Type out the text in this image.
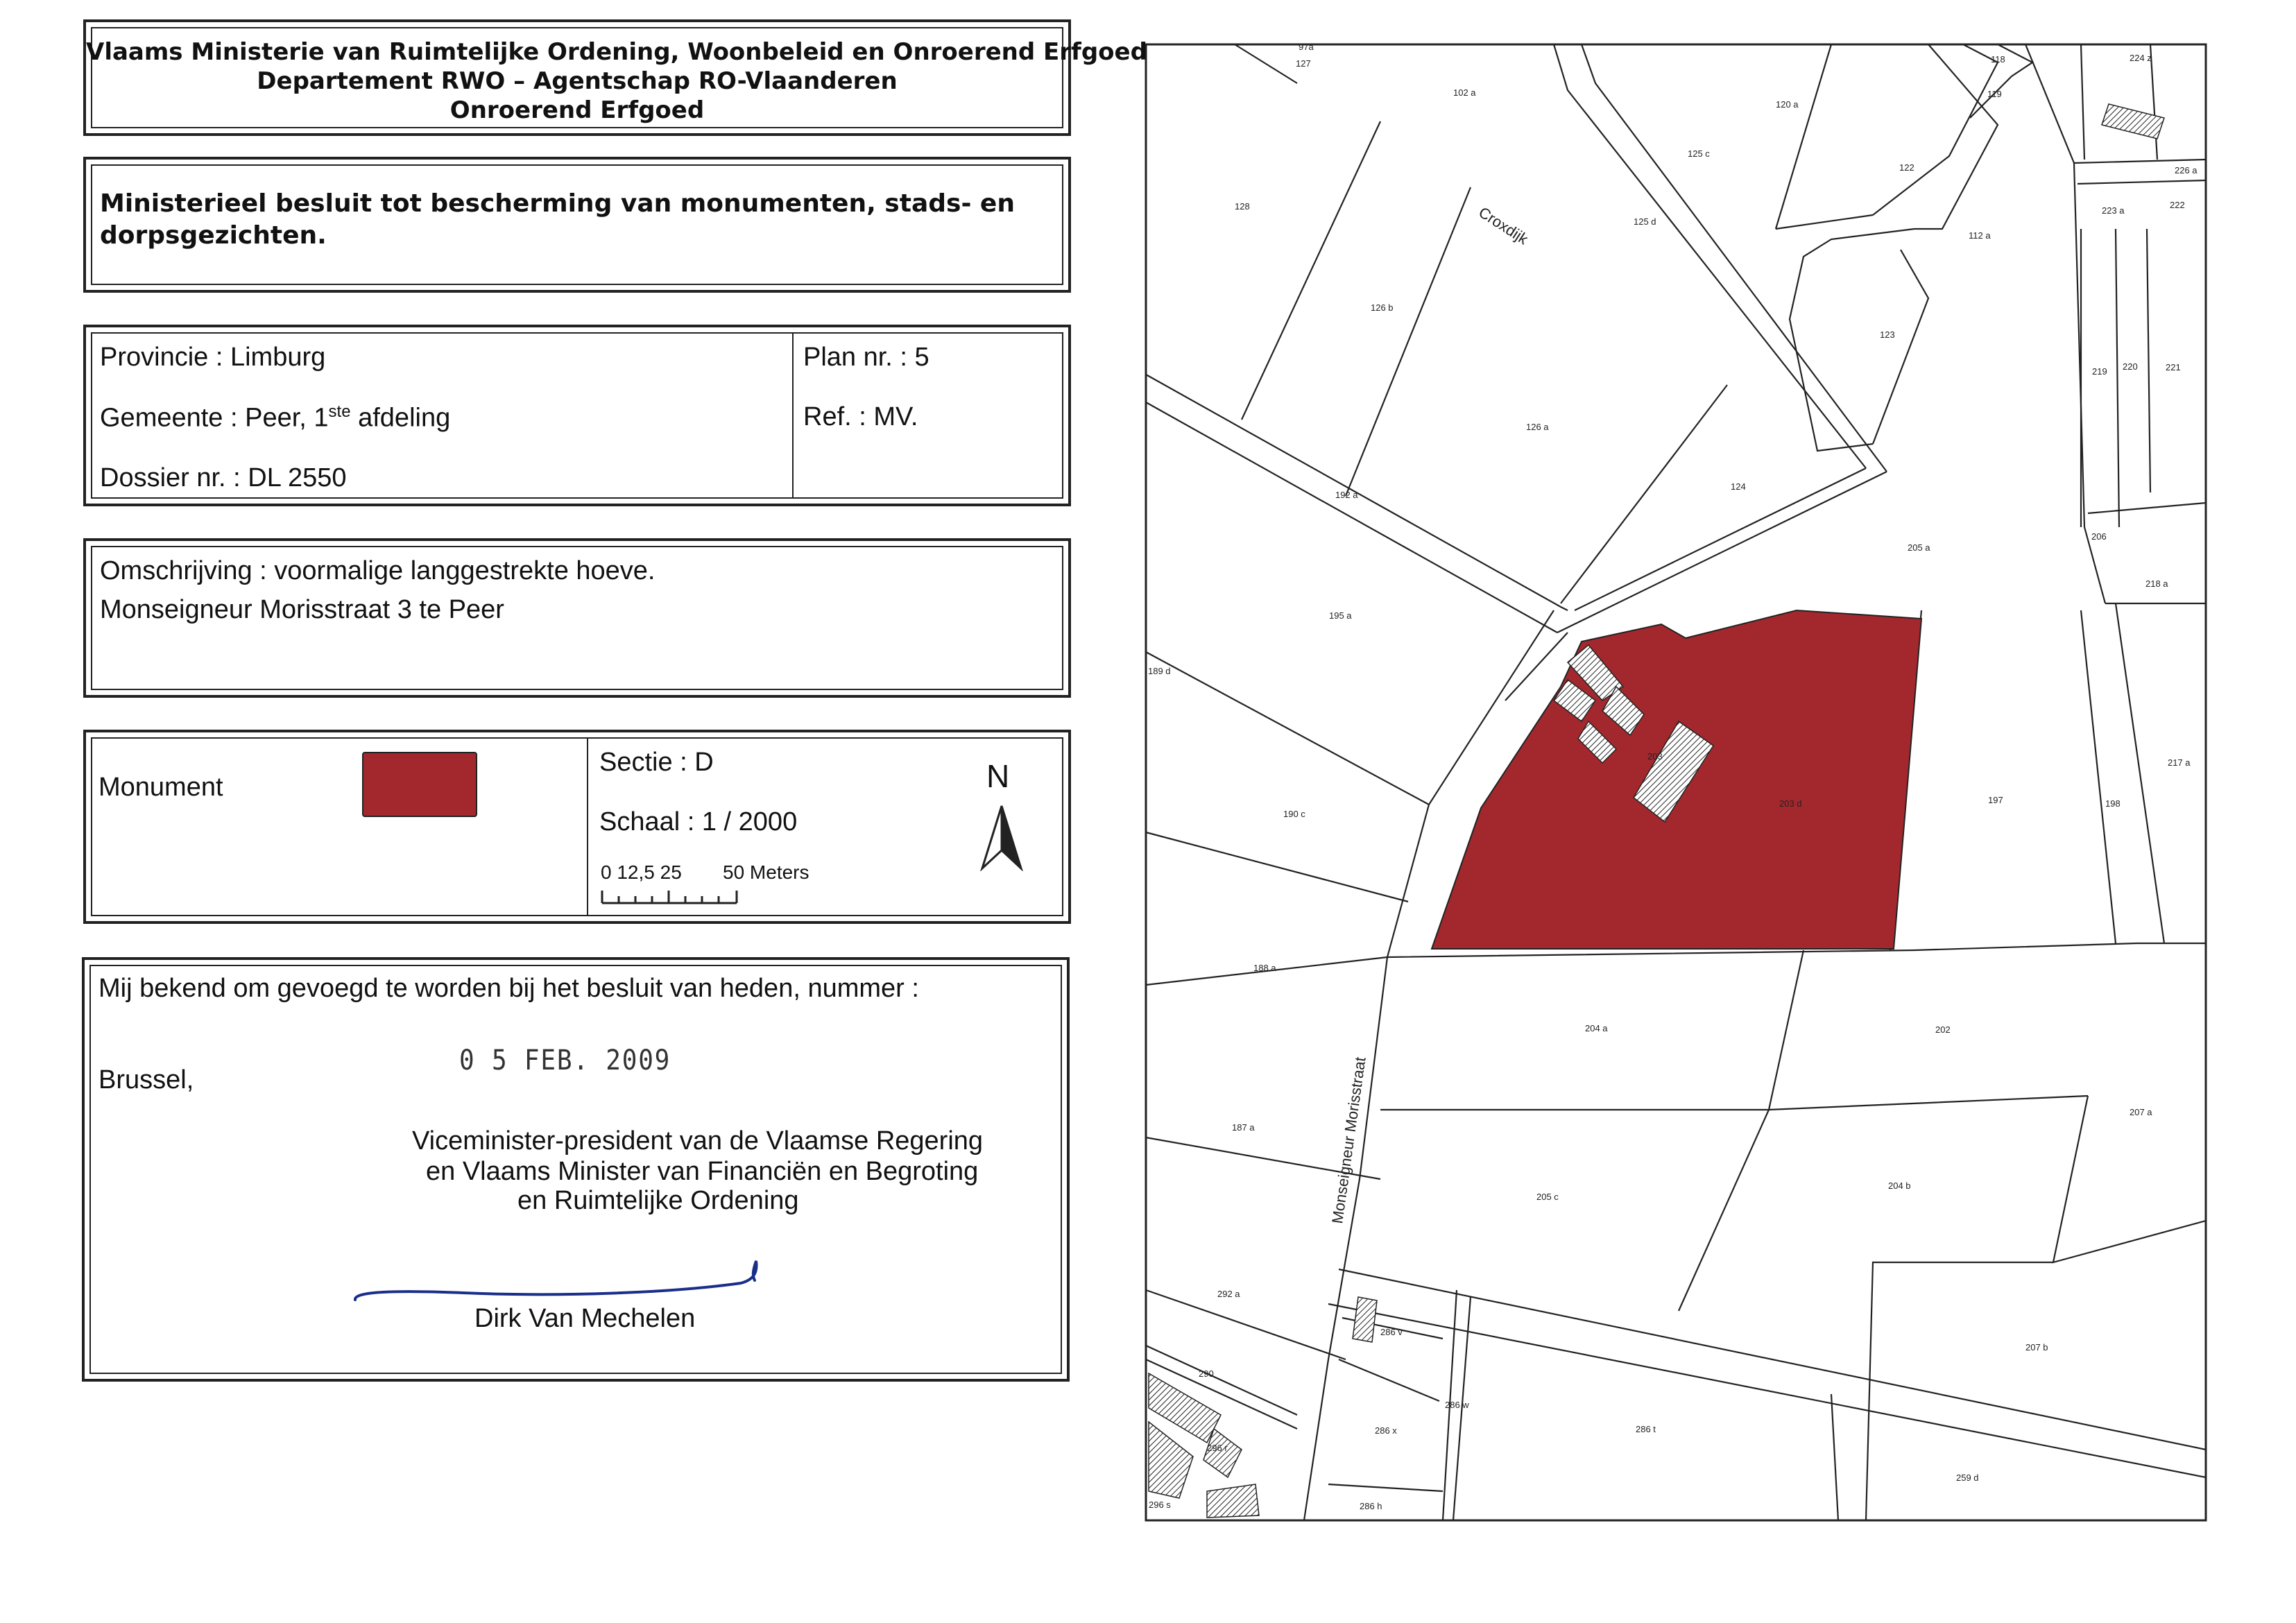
Croxdijk
Monseigneur Morisstraat
97a
127
102 a
120 a
118
119
224 z
226 a
128
125 c
122
125 d
112 a
223 a
222
126 b
123
219 220	221
126 a
124
192 a
206
205 a
218 a
195 a
189 d
217 a
190 c
203 d	197	198
188 a
204 a	202
207 a
187 a
205 c
204 b
292 a
286 v
207 b
290
286 w
286 x	286 t
296 r
259 d
296 s	286 h
203
Vlaams Ministerie van Ruimtelijke Ordening, Woonbeleid en Onroerend Erfgoed
Departement RWO – Agentschap RO-Vlaanderen
Onroerend Erfgoed
Ministerieel besluit tot bescherming van monumenten, stads- en
dorpsgezichten.
Provincie : Limburg
Gemeente : Peer, 1ste afdeling
Dossier nr. : DL 2550
Plan nr. : 5
Ref. : MV.
Omschrijving : voormalige langgestrekte hoeve.
Monseigneur Morisstraat 3 te Peer
Monument
Sectie : D
Schaal : 1 / 2000
0 12,5 25 50 Meters
N
Mij bekend om gevoegd te worden bij het besluit van heden, nummer :
Brussel,
0 5 FEB. 2009
Viceminister-president van de Vlaamse Regering
en Vlaams Minister van Financiën en Begroting
en Ruimtelijke Ordening
Dirk Van Mechelen
